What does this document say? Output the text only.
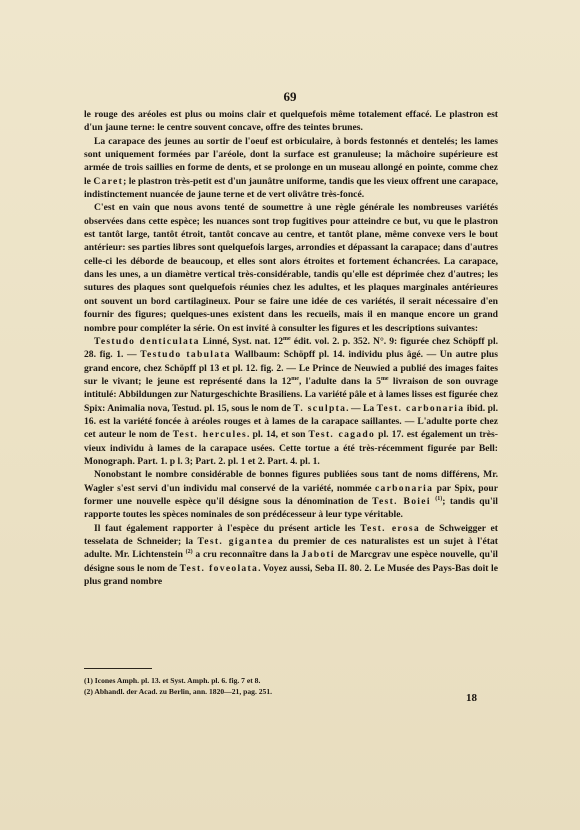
69

le rouge des aréoles est plus ou moins clair et quelquefois même totalement effacé. Le plastron est d'un jaune terne: le centre souvent concave, offre des teintes brunes.

La carapace des jeunes au sortir de l'oeuf est orbiculaire, à bords festonnés et dentelés; les lames sont uniquement formées par l'aréole, dont la surface est granuleuse; la mâchoire supérieure est armée de trois saillies en forme de dents, et se prolonge en un museau allongé en pointe, comme chez le Caret; le plastron très-petit est d'un jaunâtre uniforme, tandis que les vieux offrent une carapace, indistinctement nuancée de jaune terne et de vert olivâtre très-foncé.

C'est en vain que nous avons tenté de soumettre à une règle générale les nombreuses variétés observées dans cette espèce; les nuances sont trop fugitives pour atteindre ce but, vu que le plastron est tantôt large, tantôt étroit, tantôt concave au centre, et tantôt plane, même convexe vers le bout antérieur: ses parties libres sont quelquefois larges, arrondies et dépassant la carapace; dans d'autres celle-ci les déborde de beaucoup, et elles sont alors étroites et fortement échancrées. La carapace, dans les unes, a un diamètre vertical très-considérable, tandis qu'elle est déprimée chez d'autres; les sutures des plaques sont quelquefois réunies chez les adultes, et les plaques marginales antérieures ont souvent un bord cartilagineux. Pour se faire une idée de ces variétés, il serait nécessaire d'en fournir des figures; quelques-unes existent dans les recueils, mais il en manque encore un grand nombre pour compléter la série. On est invité à consulter les figures et les descriptions suivantes:

Testudo denticulata Linné, Syst. nat. $12^{me}$ édit. vol. 2. p. 352. N°. 9: figurée chez Schöpff pl. 28. fig. 1. — Testudo tabulata Wallbaum: Schöpff pl. 14. individu plus âgé. — Un autre plus grand encore, chez Schöpff pl 13 et pl. 12. fig. 2. — Le Prince de Neuwied a publié des images faites sur le vivant; le jeune est représenté dans la $12^{me}$, l'adulte dans la $5^{me}$ livraison de son ouvrage intitulé: Abbildungen zur Naturgeschichte Brasiliens. La variété pâle et à lames lisses est figurée chez Spix: Animalia nova, Testud. pl. 15, sous le nom de T. sculpta. — La Test. carbonaria ibid. pl. 16. est la variété foncée à aréoles rouges et à lames de la carapace saillantes. — L'adulte porte chez cet auteur le nom de Test. hercules. pl. 14, et son Test. cagado pl. 17. est également un très-vieux individu à lames de la carapace usées. Cette tortue a été très-récemment figurée par Bell: Monograph. Part. 1. p l. 3; Part. 2. pl. 1 et 2. Part. 4. pl. 1.

Nonobstant le nombre considérable de bonnes figures publiées sous tant de noms différens, Mr. Wagler s'est servi d'un individu mal conservé de la variété, nommée carbonaria par Spix, pour former une nouvelle espèce qu'il désigne sous la dénomination de Test. Boiei $^{(1)}$; tandis qu'il rapporte toutes les spèces nominales de son prédécesseur à leur type véritable.

Il faut également rapporter à l'espèce du présent article les Test. erosa de Schweigger et tesselata de Schneider; la Test. gigantea du premier de ces naturalistes est un sujet à l'état adulte. Mr. Lichtenstein $^{(2)}$ a cru reconnaître dans la Jaboti de Marcgrav une espèce nouvelle, qu'il désigne sous le nom de Test. foveolata. Voyez aussi, Seba II. 80. 2. Le Musée des Pays-Bas doit le plus grand nombre

(1) Icones Amph. pl. 13. et Syst. Amph. pl. 6. fig. 7 et 8.

(2) Abhandl. der Acad. zu Berlin, ann. 1820—21, pag. 251.

18
